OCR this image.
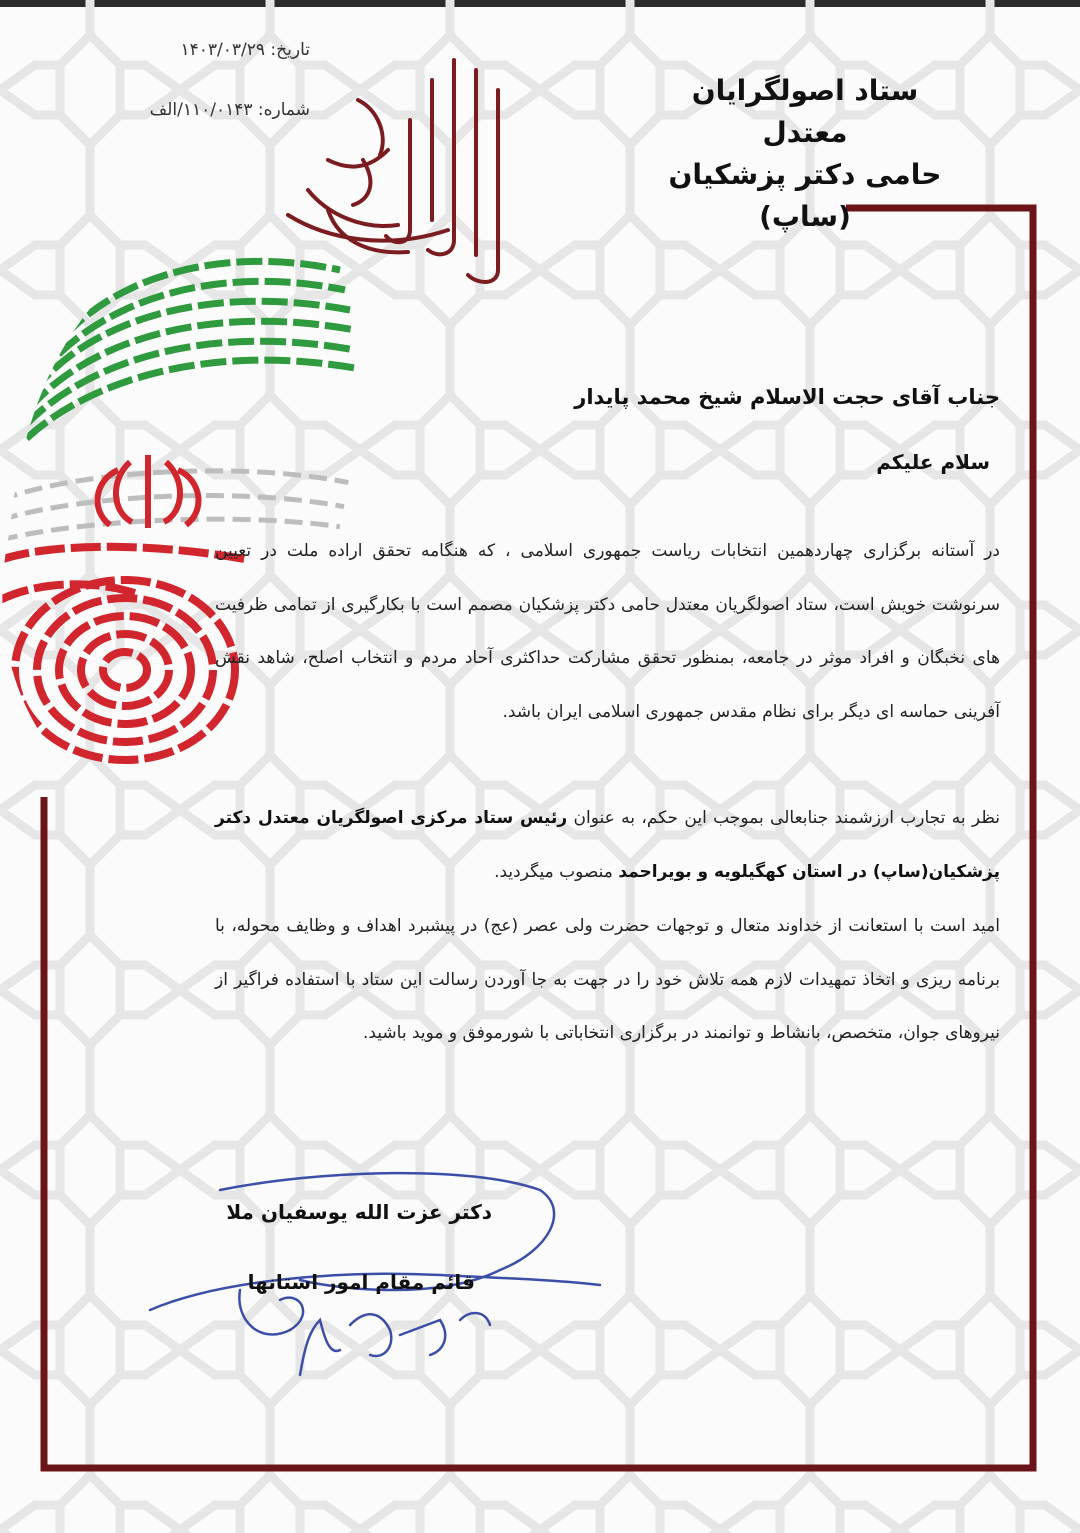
تاریخ: ۱۴۰۳/۰۳/۲۹
شماره: ۱۱۰/۰۱۴۳/الف
ستاد اصولگرایان معتدل
حامی دکتر پزشکیان
(ساپ)
جناب آقای حجت الاسلام شیخ محمد پایدار
سلام علیکم
در آستانه برگزاری چهاردهمین انتخابات ریاست جمهوری اسلامی ، که هنگامه تحقق اراده ملت در تعیین سرنوشت خویش است، ستاد اصولگریان معتدل حامی دکتر پزشکیان مصمم است با بکارگیری از تمامی ظرفیت های نخبگان و افراد موثر در جامعه، بمنظور تحقق مشارکت حداکثری آحاد مردم و انتخاب اصلح، شاهد نقش آفرینی حماسه ای دیگر برای نظام مقدس جمهوری اسلامی ایران باشد.
نظر به تجارب ارزشمند جنابعالی بموجب این حکم، به عنوان رئیس ستاد مرکزی اصولگریان معتدل دکتر پزشکیان(ساپ) در استان کهگیلویه و بویراحمد منصوب میگردید.
امید است با استعانت از خداوند متعال و توجهات حضرت ولی عصر (عج) در پیشبرد اهداف و وظایف محوله، با برنامه ریزی و اتخاذ تمهیدات لازم همه تلاش خود را در جهت به جا آوردن رسالت این ستاد با استفاده فراگیر از نیروهای جوان، متخصص، بانشاط و توانمند در برگزاری انتخاباتی با شورموفق و موید باشید.
دکتر عزت الله یوسفیان ملا
قائم مقام امور استانها
